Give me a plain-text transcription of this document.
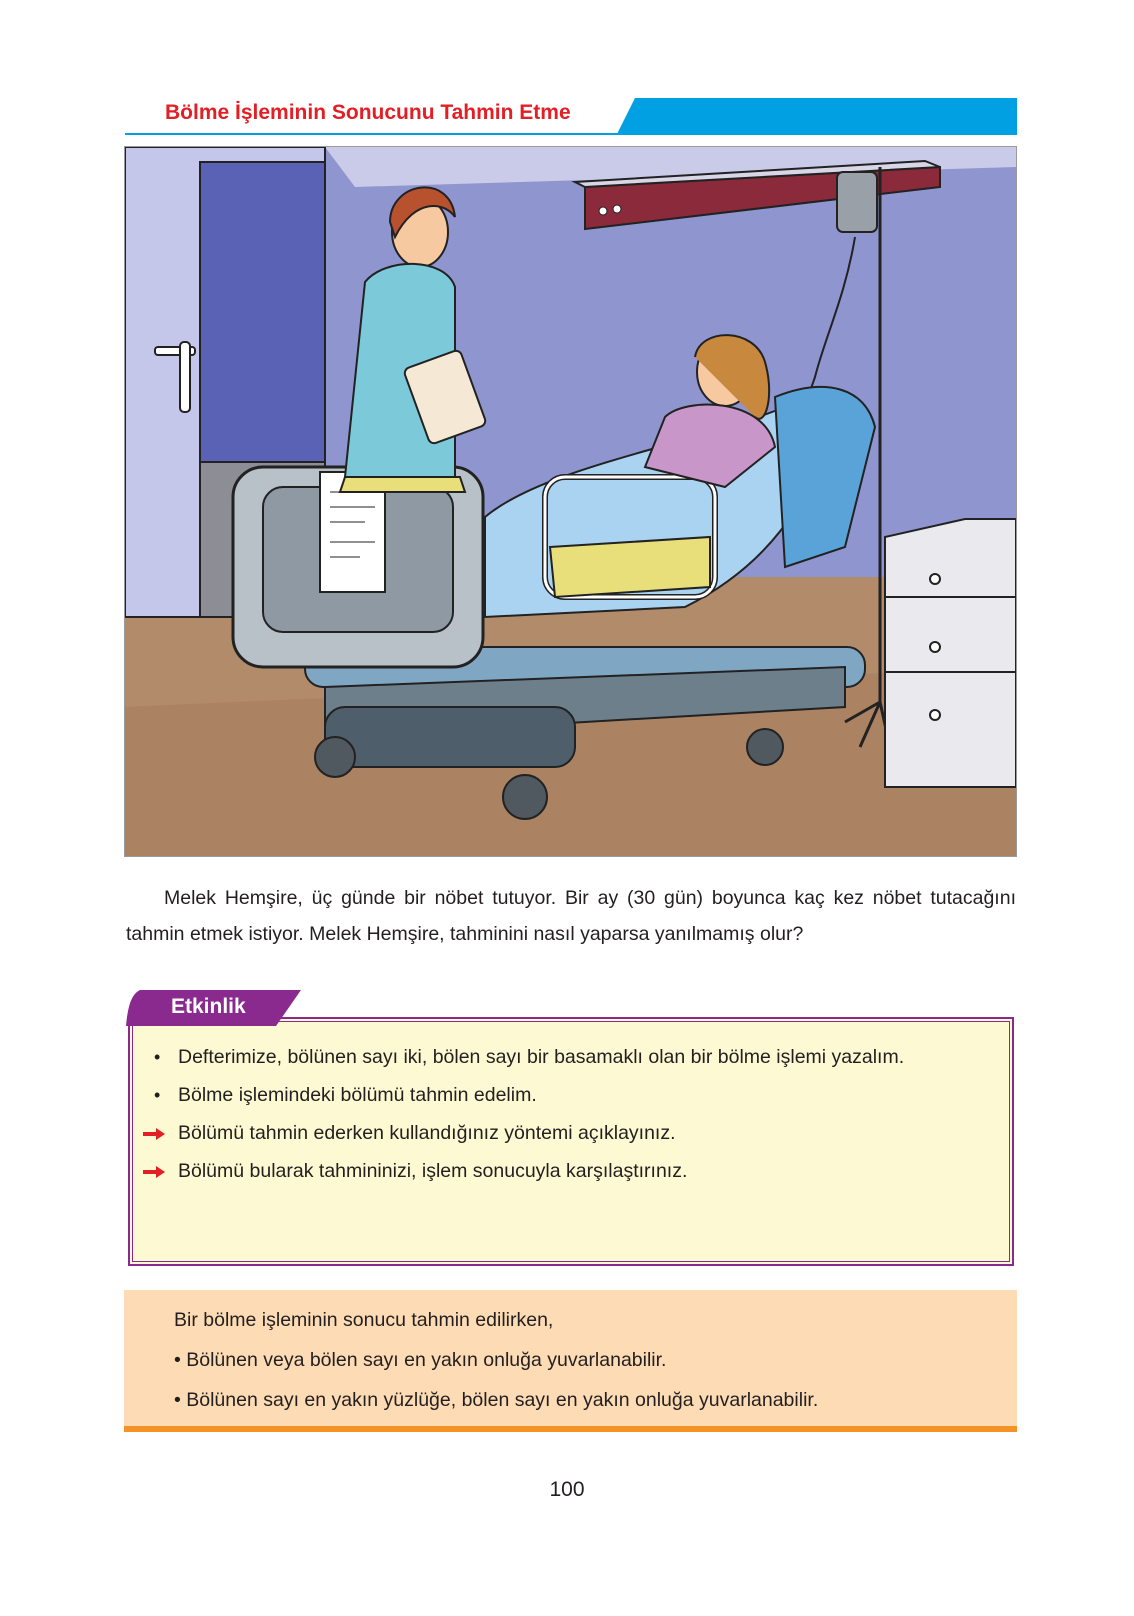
Bölme İşleminin Sonucunu Tahmin Etme
Melek Hemşire, üç günde bir nöbet tutuyor. Bir ay (30 gün) boyunca kaç kez nöbet tutacağını tahmin etmek istiyor. Melek Hemşire, tahminini nasıl yaparsa yanılmamış olur?
Etkinlik
• Defterimize, bölünen sayı iki, bölen sayı bir basamaklı olan bir bölme işlemi yazalım.
• Bölme işlemindeki bölümü tahmin edelim.
Bölümü tahmin ederken kullandığınız yöntemi açıklayınız.
Bölümü bularak tahmininizi, işlem sonucuyla karşılaştırınız.
Bir bölme işleminin sonucu tahmin edilirken,
• Bölünen veya bölen sayı en yakın onluğa yuvarlanabilir.
• Bölünen sayı en yakın yüzlüğe, bölen sayı en yakın onluğa yuvarlanabilir.
100
